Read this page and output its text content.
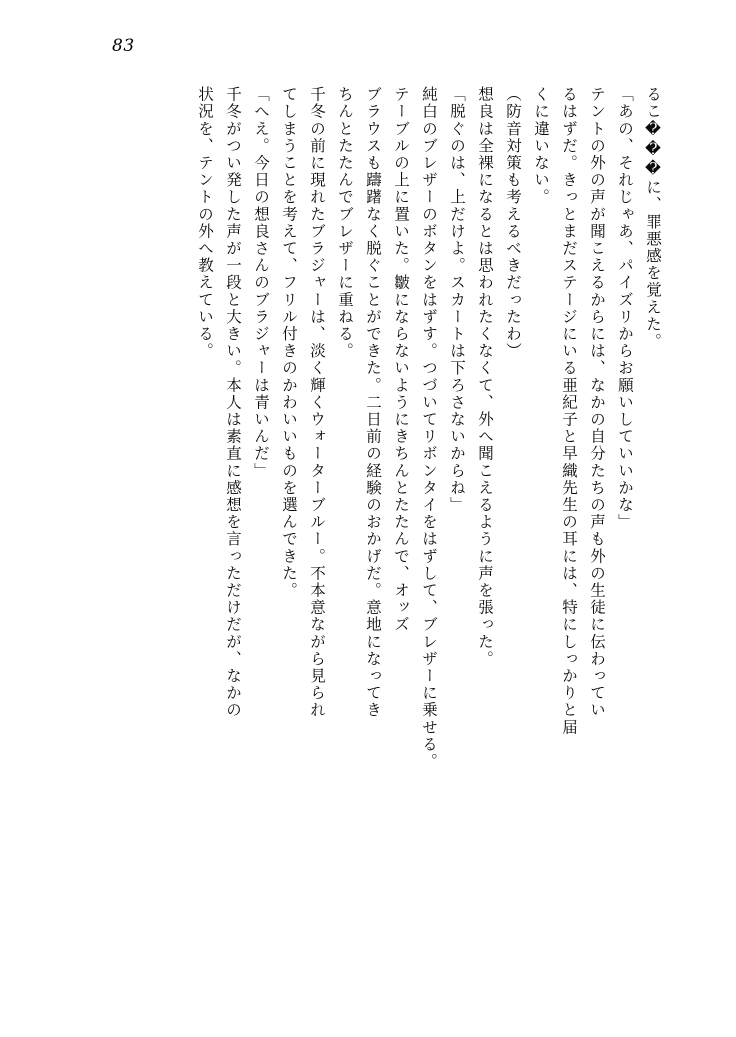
83
るこ���に、罪悪感を覚えた。
「あの、それじゃあ、パイズリからお願いしていいかな」
テントの外の声が聞こえるからには、なかの自分たちの声も外の生徒に伝わってい
るはずだ。きっとまだステージにいる亜紀子と早織先生の耳には、特にしっかりと届
くに違いない。
（防音対策も考えるべきだったわ）
想良は全裸になるとは思われたくなくて、外へ聞こえるように声を張った。
「脱ぐのは、上だけよ。スカートは下ろさないからね」
純白のブレザーのボタンをはずす。つづいてリボンタイをはずして、ブレザーに乗せる。
テーブルの上に置いた。皺にならないようにきちんとたたんで、オッズ
ブラウスも躊躇なく脱ぐことができた。二日前の経験のおかげだ。意地になってき
ちんとたたんでブレザーに重ねる。
千冬の前に現れたブラジャーは、淡く輝くウォーターブルー。不本意ながら見られ
てしまうことを考えて、フリル付きのかわいいものを選んできた。
「へえ。今日の想良さんのブラジャーは青いんだ」
千冬がつい発した声が一段と大きい。本人は素直に感想を言っただけだが、なかの
状況を、テントの外へ教えている。
